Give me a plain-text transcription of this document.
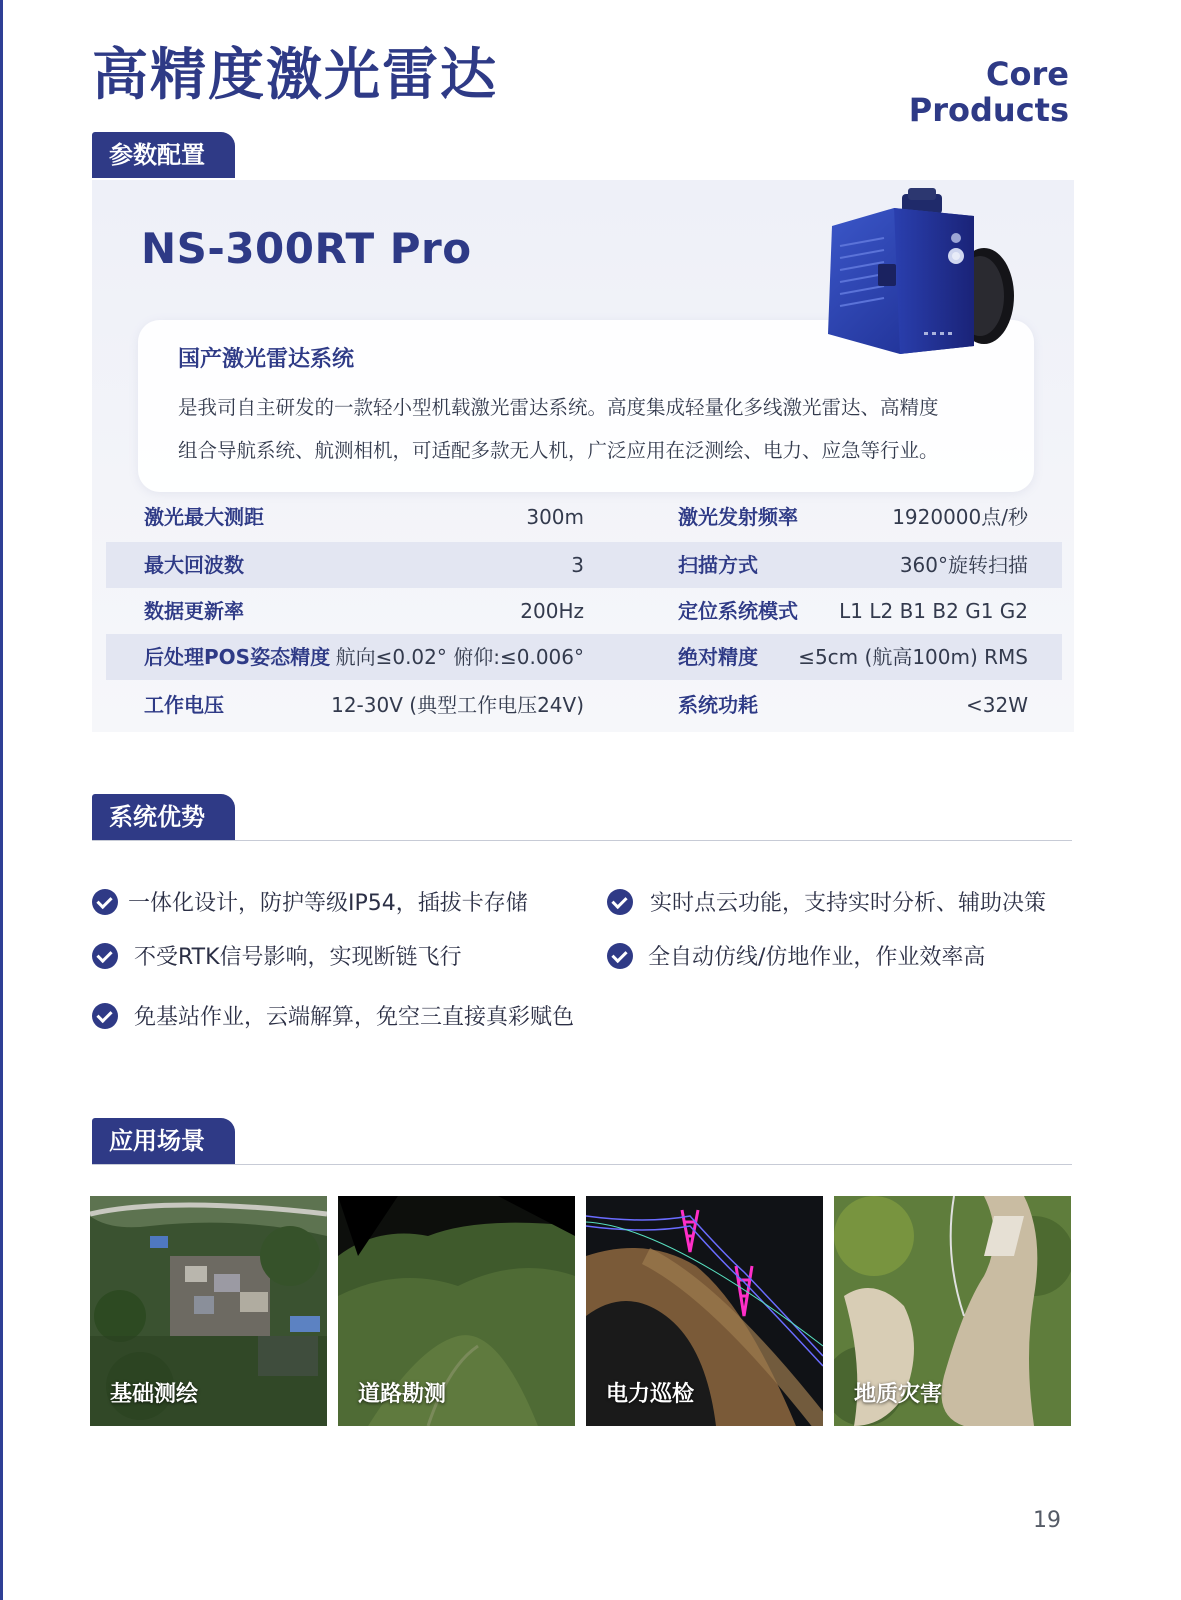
高精度激光雷达	Core
Products
参数配置
NS-300RT Pro
国产激光雷达系统
是我司自主研发的一款轻小型机载激光雷达系统。高度集成轻量化多线激光雷达、高精度
组合导航系统、航测相机，可适配多款无人机，广泛应用在泛测绘、电力、应急等行业。
激光最大测距	300m	激光发射频率	1920000点/秒
最大回波数	3	扫描方式	360°旋转扫描
数据更新率	200Hz	定位系统模式 L1 L2 B1 B2 G1 G2
后处理POS姿态精度 航向≤0.02° 俯仰:≤0.006°	绝对精度 ≤5cm (航高100m) RMS
工作电压	12-30V (典型工作电压24V)	系统功耗	<32W
系统优势
一体化设计，防护等级IP54，插拔卡存储	实时点云功能，支持实时分析、辅助决策
不受RTK信号影响，实现断链飞行	全自动仿线/仿地作业，作业效率高
免基站作业，云端解算，免空三直接真彩赋色
应用场景
基础测绘	道路勘测	电力巡检	地质灾害
19
